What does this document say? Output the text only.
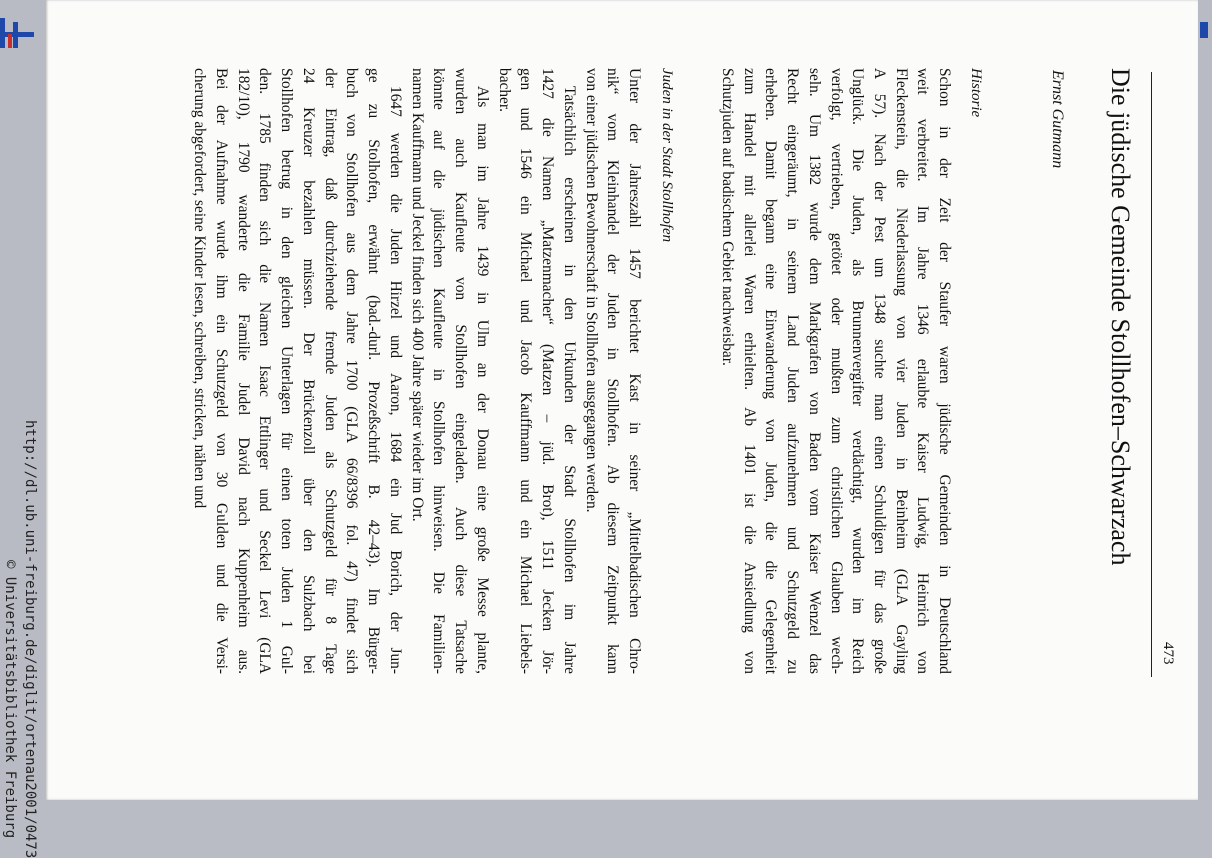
473
Die jüdische Gemeinde Stollhofen–Schwarzach
Ernst Gutmann
Historie
Schon in der Zeit der Staufer waren jüdische Gemeinden in Deutschland
weit verbreitet. Im Jahre 1346 erlaubte Kaiser Ludwig, Heinrich von
Fleckenstein, die Niederlassung von vier Juden in Beinheim (GLA Gayling
A 57). Nach der Pest um 1348 suchte man einen Schuldigen für das große
Unglück. Die Juden, als Brunnenvergifter verdächtigt, wurden im Reich
verfolgt, vertrieben, getötet oder mußten zum christlichen Glauben wech-
seln. Um 1382 wurde dem Markgrafen von Baden vom Kaiser Wenzel das
Recht eingeräumt, in seinem Land Juden aufzunehmen und Schutzgeld zu
erheben. Damit begann eine Einwanderung von Juden, die die Gelegenheit
zum Handel mit allerlei Waren erhielten. Ab 1401 ist die Ansiedlung von
Schutzjuden auf badischem Gebiet nachweisbar.
Juden in der Stadt Stollhofen
Unter der Jahreszahl 1457 berichtet Kast in seiner „Mittelbadischen Chro-
nik“ vom Kleinhandel der Juden in Stollhofen. Ab diesem Zeitpunkt kann
von einer jüdischen Bewohnerschaft in Stollhofen ausgegangen werden.
Tatsächlich erscheinen in den Urkunden der Stadt Stollhofen im Jahre
1427 die Namen „Matzenmacher“ (Matzen – jüd. Brot), 1511 Jecken Jör-
gen und 1546 ein Michael und Jacob Kauffmann und ein Michael Liebels-
bacher.
Als man im Jahre 1439 in Ulm an der Donau eine große Messe plante,
wurden auch Kaufleute von Stollhofen eingeladen. Auch diese Tatsache
könnte auf die jüdischen Kaufleute in Stollhofen hinweisen. Die Familien-
namen Kauffmann und Jeckel finden sich 400 Jahre später wieder im Ort.
1647 werden die Juden Hirzel und Aaron, 1684 ein Jud Borich, der Jun-
ge zu Stolhofen, erwähnt (bad.-durl. Prozeßschrift B. 42–43). Im Bürger-
buch von Stollhofen aus dem Jahre 1700 (GLA 66/8396 fol. 47) findet sich
der Eintrag, daß durchziehende fremde Juden als Schutzgeld für 8 Tage
24 Kreuzer bezahlen müssen. Der Brückenzoll über den Sulzbach bei
Stollhofen betrug in den gleichen Unterlagen für einen toten Juden 1 Gul-
den. 1785 finden sich die Namen Isaac Ettlinger und Seckel Levi (GLA
182/10), 1790 wanderte die Familie Judel David nach Kuppenheim aus.
Bei der Aufnahme wurde ihm ein Schutzgeld von 30 Gulden und die Versi-
cherung abgefordert, seine Kinder lesen, schreiben, stricken, nähen und
http://dl.ub.uni-freiburg.de/diglit/ortenau2001/0473
© Universitätsbibliothek Freiburg
